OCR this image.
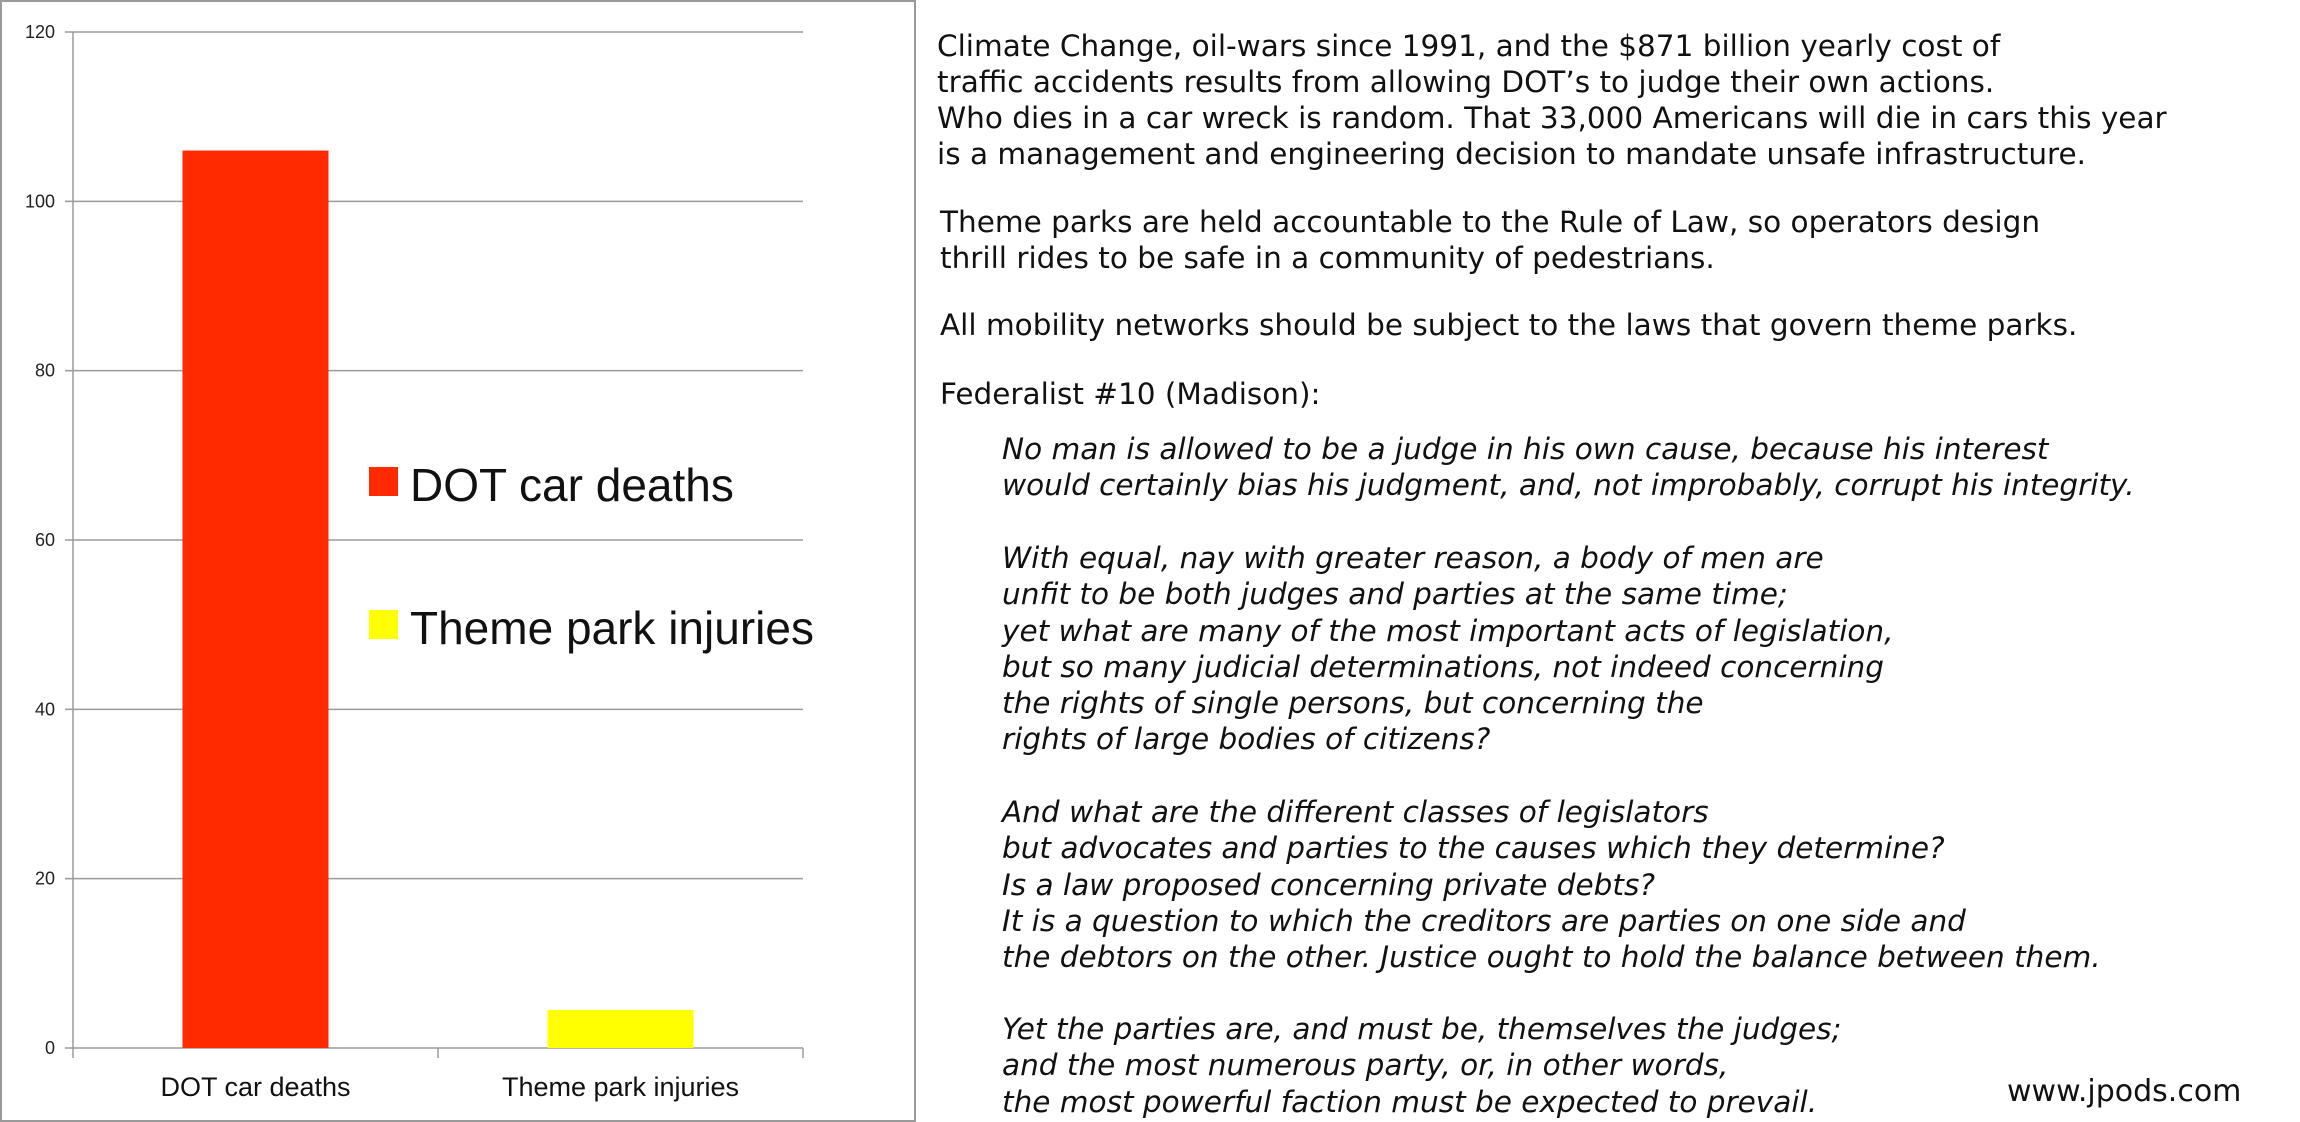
0
20
40
60
80
100
120
DOT car deaths	Theme park injuries
DOT car deaths
Theme park injuries

Climate Change, oil-wars since 1991, and the $871 billion yearly cost of
traffic accidents results from allowing DOT’s to judge their own actions.
Who dies in a car wreck is random. That 33,000 Americans will die in cars this year
is a management and engineering decision to mandate unsafe infrastructure.

Theme parks are held accountable to the Rule of Law, so operators design
thrill rides to be safe in a community of pedestrians.

All mobility networks should be subject to the laws that govern theme parks.

Federalist #10 (Madison):

No man is allowed to be a judge in his own cause, because his interest
would certainly bias his judgment, and, not improbably, corrupt his integrity.

With equal, nay with greater reason, a body of men are
unfit to be both judges and parties at the same time;
yet what are many of the most important acts of legislation,
but so many judicial determinations, not indeed concerning
the rights of single persons, but concerning the
rights of large bodies of citizens?

And what are the different classes of legislators
but advocates and parties to the causes which they determine?
Is a law proposed concerning private debts?
It is a question to which the creditors are parties on one side and
the debtors on the other. Justice ought to hold the balance between them.

Yet the parties are, and must be, themselves the judges;
and the most numerous party, or, in other words,
the most powerful faction must be expected to prevail.	www.jpods.com
